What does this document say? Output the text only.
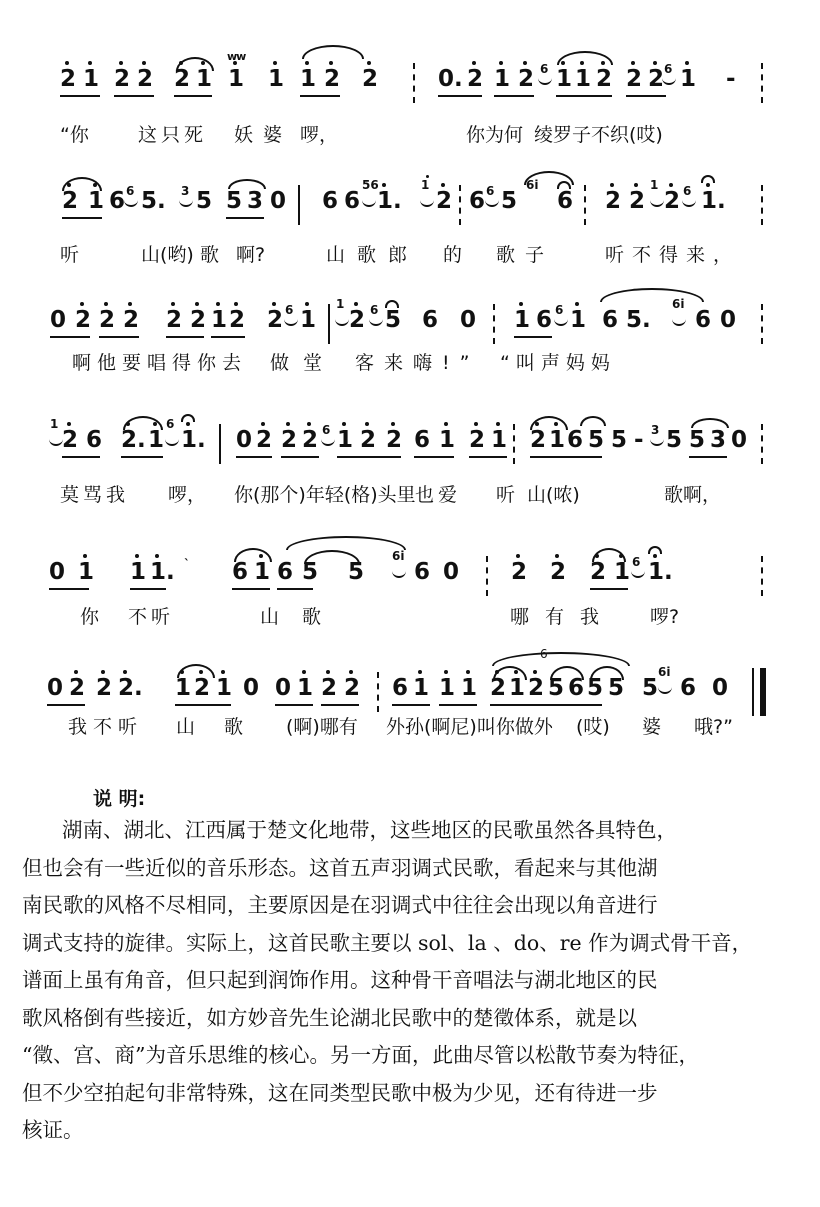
2 1 2 2 2 1 1 1 1 2 2
ww
0. 2 1 2 6 1 1 2 2 2 6 1 -
“你	这只死 妖婆 啰，	你为何 绫罗子不织(哎)
2 1 6 6 5. 3 5 5 3 0 6 6
56
1.
1
2 6 6 5
6i
6 2 2
1
2 6 1.
听	山(哟) 歌 啊?	山歌郎 的 歌子	听不得来，
0 2 2 2 2 2 1 2 2 6 1
1
2 6 5 6 0 1 6 6 1 6 5.
6i
6 0
啊他要唱得你去 做堂 客来嗨!” “叫声妈妈
1
2 6 2. 1
6
1. 0 2 2 2 6 1 2 2 6 1 2 1 2 1 6 5 5 - 3 5 5 3 0
莫骂我 啰， 你(那个)年轻(格)头里 也爱 听 山(哝)	歌啊，
0 1 1 1. ` 6 1 6 5 5
6i
6 0 2 2 2 1 6 1.
你 不听	山 歌	哪有我 啰?
0 2 2 2. 1 2 1 0 0 1 2 2 6 1 1 1 2 1 2 5 6 5 5 5
6i
6 0
6
我不听 山 歌 (啊)哪有 外孙(啊尼)叫你做外 (哎) 婆 哦?”
说 明:
湖南、湖北、江西属于楚文化地带，这些地区的民歌虽然各具特色，
但也会有一些近似的音乐形态。这首五声羽调式民歌，看起来与其他湖
南民歌的风格不尽相同，主要原因是在羽调式中往往会出现以角音进行
调式支持的旋律。实际上，这首民歌主要以 sol、la 、do、re 作为调式骨干音，
谱面上虽有角音，但只起到润饰作用。这种骨干音唱法与湖北地区的民
歌风格倒有些接近，如方妙音先生论湖北民歌中的楚徵体系，就是以
“徵、宫、商”为音乐思维的核心。另一方面，此曲尽管以松散节奏为特征，
但不少空拍起句非常特殊，这在同类型民歌中极为少见，还有待进一步
核证。
